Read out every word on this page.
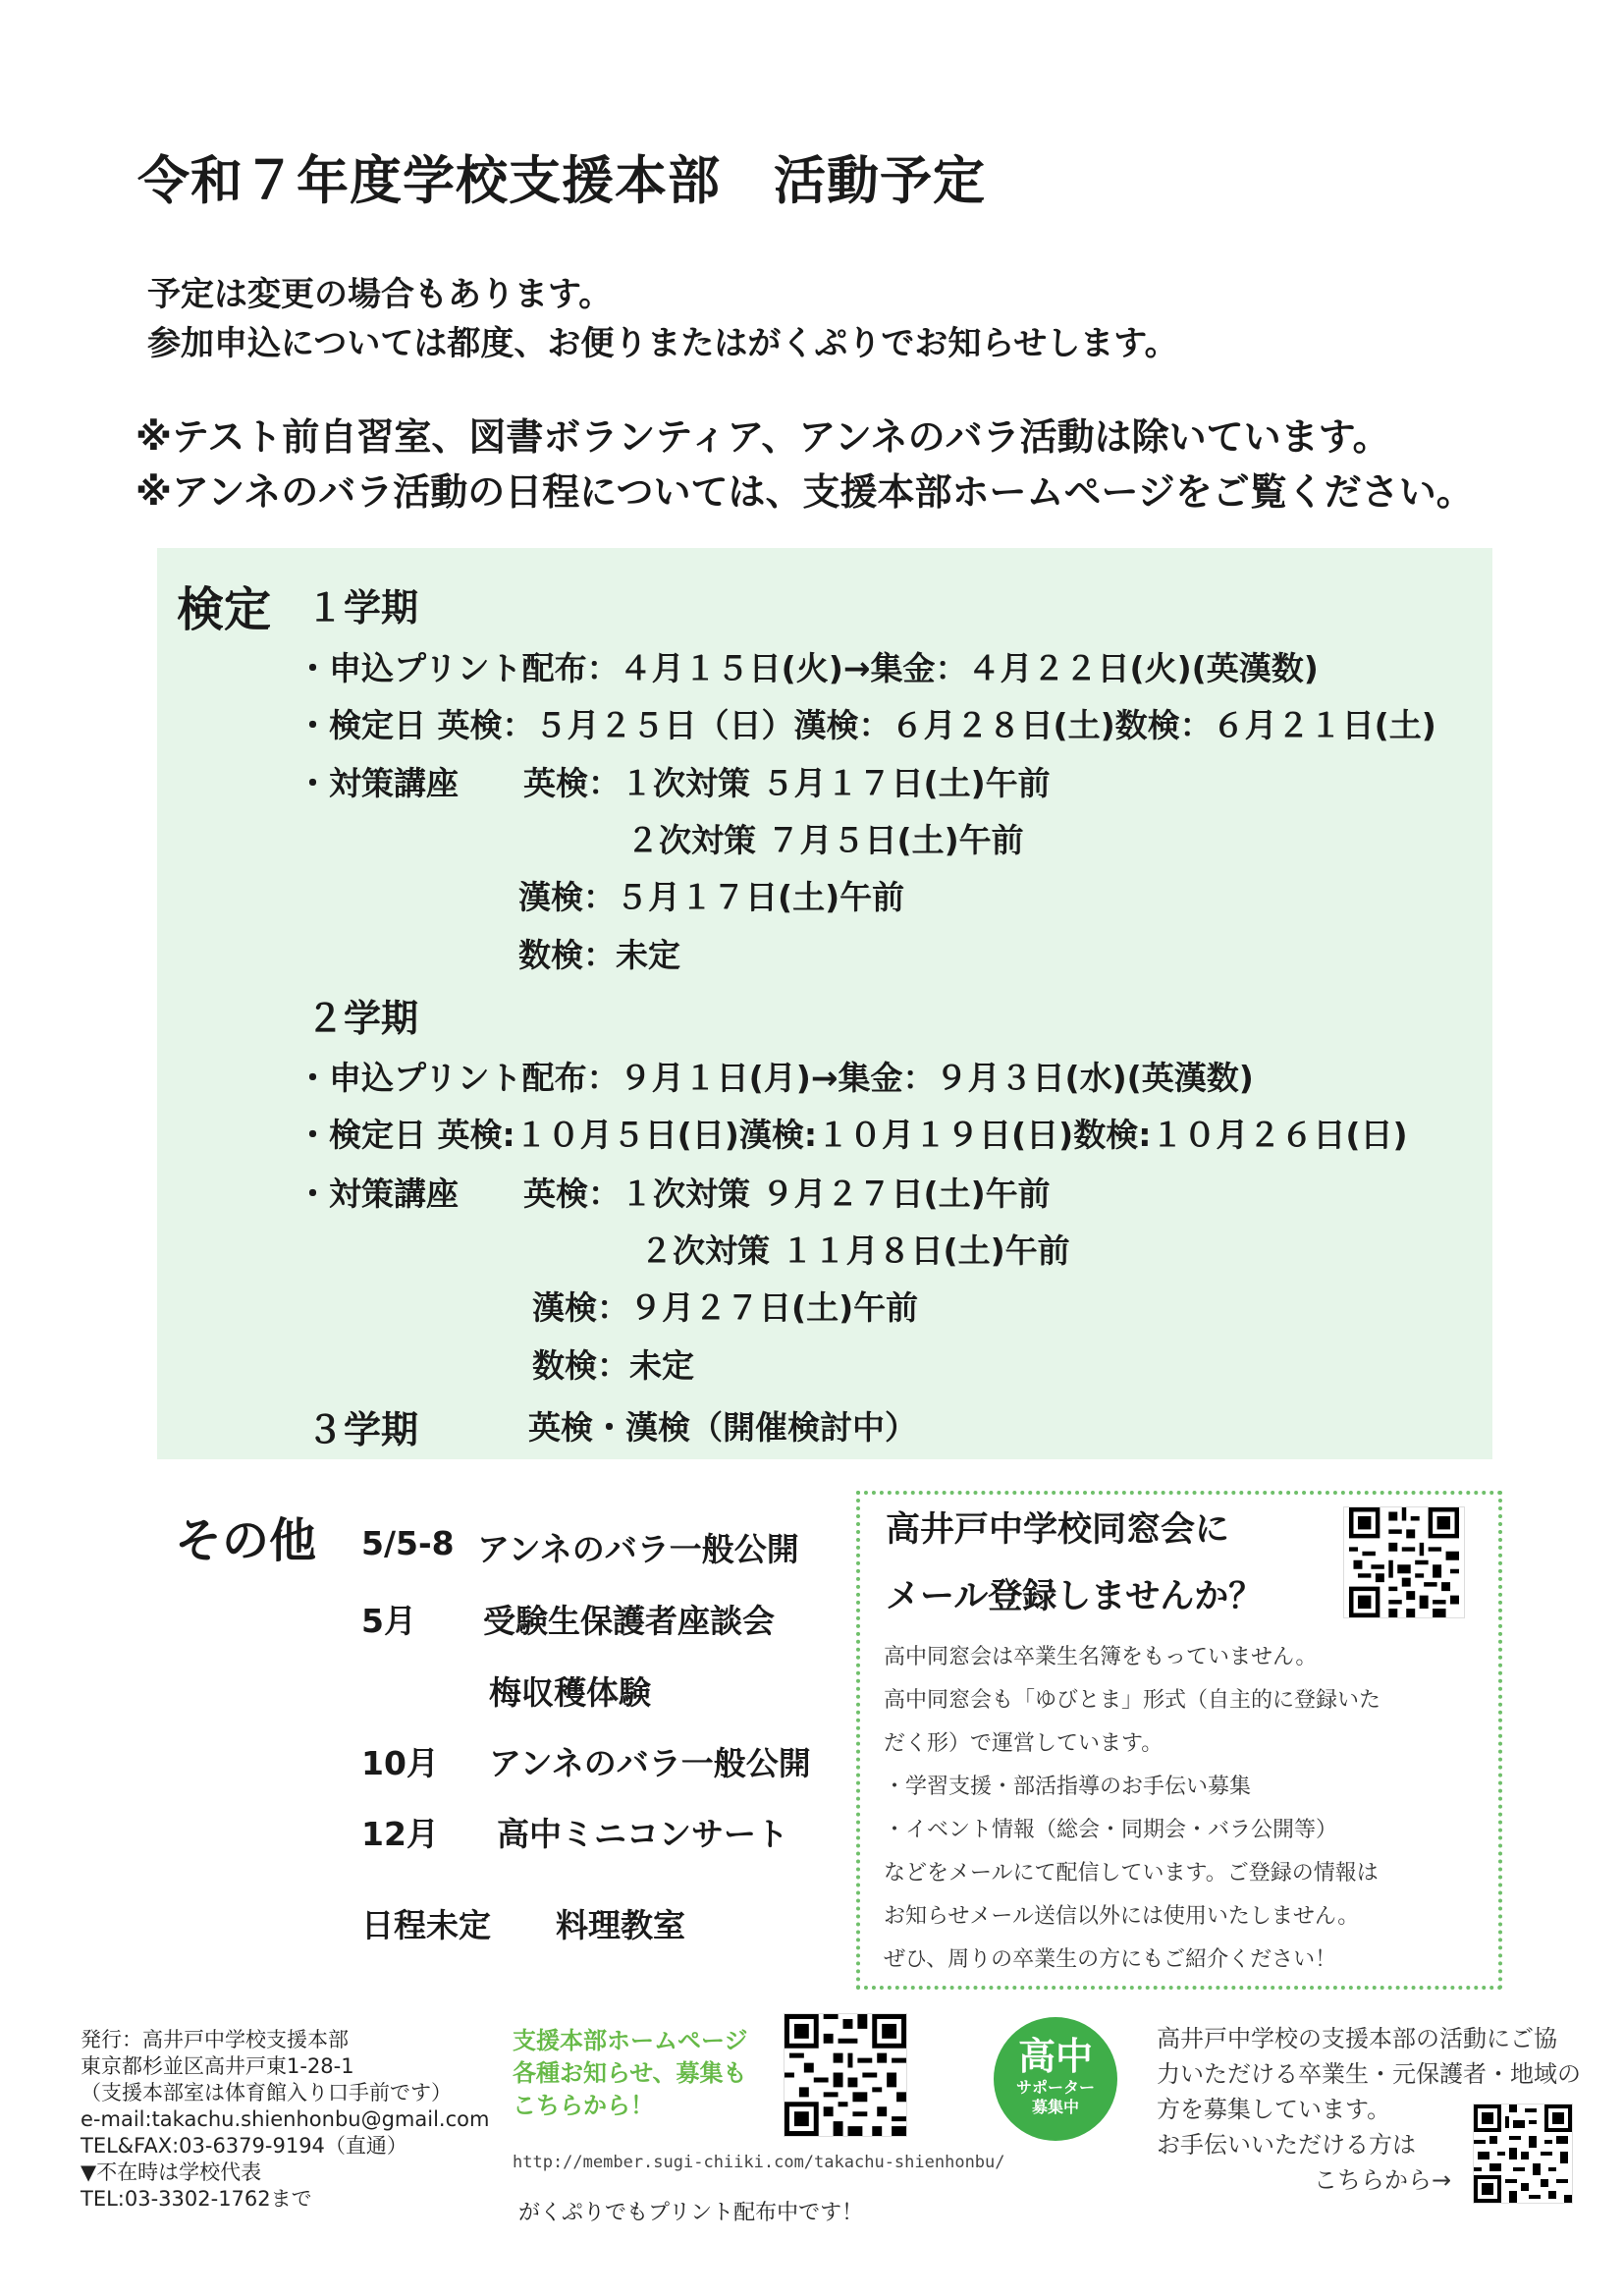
令和７年度学校支援本部　活動予定
予定は変更の場合もあります。
参加申込については都度、お便りまたはがくぷりでお知らせします。
※テスト前自習室、図書ボランティア、アンネのバラ活動は除いています。
※アンネのバラ活動の日程については、支援本部ホームページをご覧ください。
検定 １学期
・申込プリント配布：４月１５日(火)→集金：４月２２日(火)(英漢数)
・検定日 英検：５月２５日（日）漢検：６月２８日(土)数検：６月２１日(土)
・対策講座　　英検：１次対策 ５月１７日(土)午前
２次対策 ７月５日(土)午前
漢検：５月１７日(土)午前
数検：未定
２学期
・申込プリント配布：９月１日(月)→集金：９月３日(水)(英漢数)
・検定日 英検:１０月５日(日)漢検:１０月１９日(日)数検:１０月２６日(日)
・対策講座　　英検：１次対策 ９月２７日(土)午前
２次対策 １１月８日(土)午前
漢検：９月２７日(土)午前
数検：未定
３学期	英検・漢検（開催検討中）
その他 5/5-8 アンネのバラ一般公開
5月 受験生保護者座談会
梅収穫体験
10月 アンネのバラ一般公開
12月 高中ミニコンサート
日程未定 料理教室
高井戸中学校同窓会に
メール登録しませんか？
高中同窓会は卒業生名簿をもっていません。
高中同窓会も「ゆびとま」形式（自主的に登録いた
だく形）で運営しています。
・学習支援・部活指導のお手伝い募集
・イベント情報（総会・同期会・バラ公開等）
などをメールにて配信しています。ご登録の情報は
お知らせメール送信以外には使用いたしません。
ぜひ、周りの卒業生の方にもご紹介ください！
発行：高井戸中学校支援本部
東京都杉並区高井戸東1-28-1
（支援本部室は体育館入り口手前です）
e-mail:takachu.shienhonbu@gmail.com
TEL&FAX:03-6379-9194（直通）
▼不在時は学校代表
TEL:03-3302-1762まで
支援本部ホームページ
各種お知らせ、募集も
こちらから！
http://member.sugi-chiiki.com/takachu-shienhonbu/
がくぷりでもプリント配布中です！
高中
サポーター
募集中
高井戸中学校の支援本部の活動にご協
力いただける卒業生・元保護者・地域の
方を募集しています。
お手伝いいただける方は
こちらから→
